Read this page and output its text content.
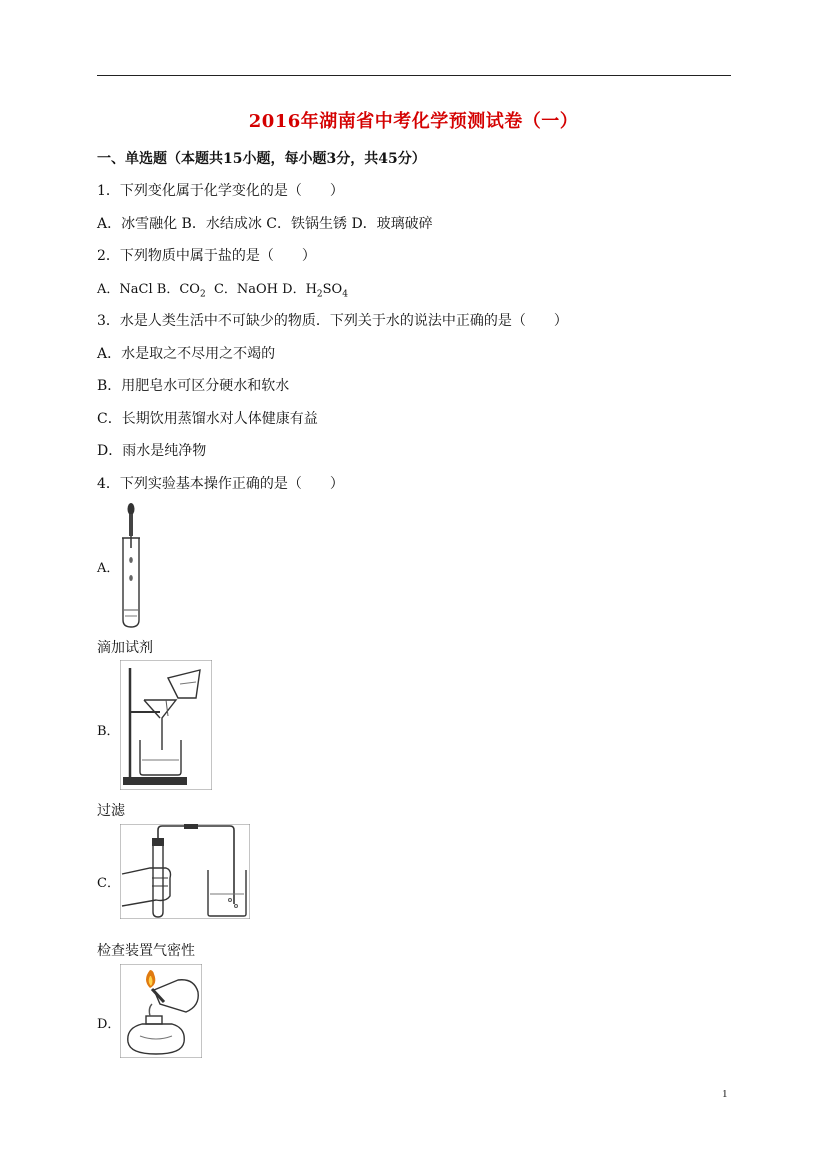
2016年湖南省中考化学预测试卷（一）
一、单选题（本题共15小题，每小题3分，共45分）
1．下列变化属于化学变化的是（　　）
A．冰雪融化 B．水结成冰 C．铁锅生锈 D．玻璃破碎
2．下列物质中属于盐的是（　　）
A．NaCl B．$CO_2$ C．NaOH D．$H_2SO_4$
3．水是人类生活中不可缺少的物质．下列关于水的说法中正确的是（　　）
A．水是取之不尽用之不竭的
B．用肥皂水可区分硬水和软水
C．长期饮用蒸馏水对人体健康有益
D．雨水是纯净物
4．下列实验基本操作正确的是（　　）
A．
滴加试剂
B．
过滤
C．
检查装置气密性
D．
1
